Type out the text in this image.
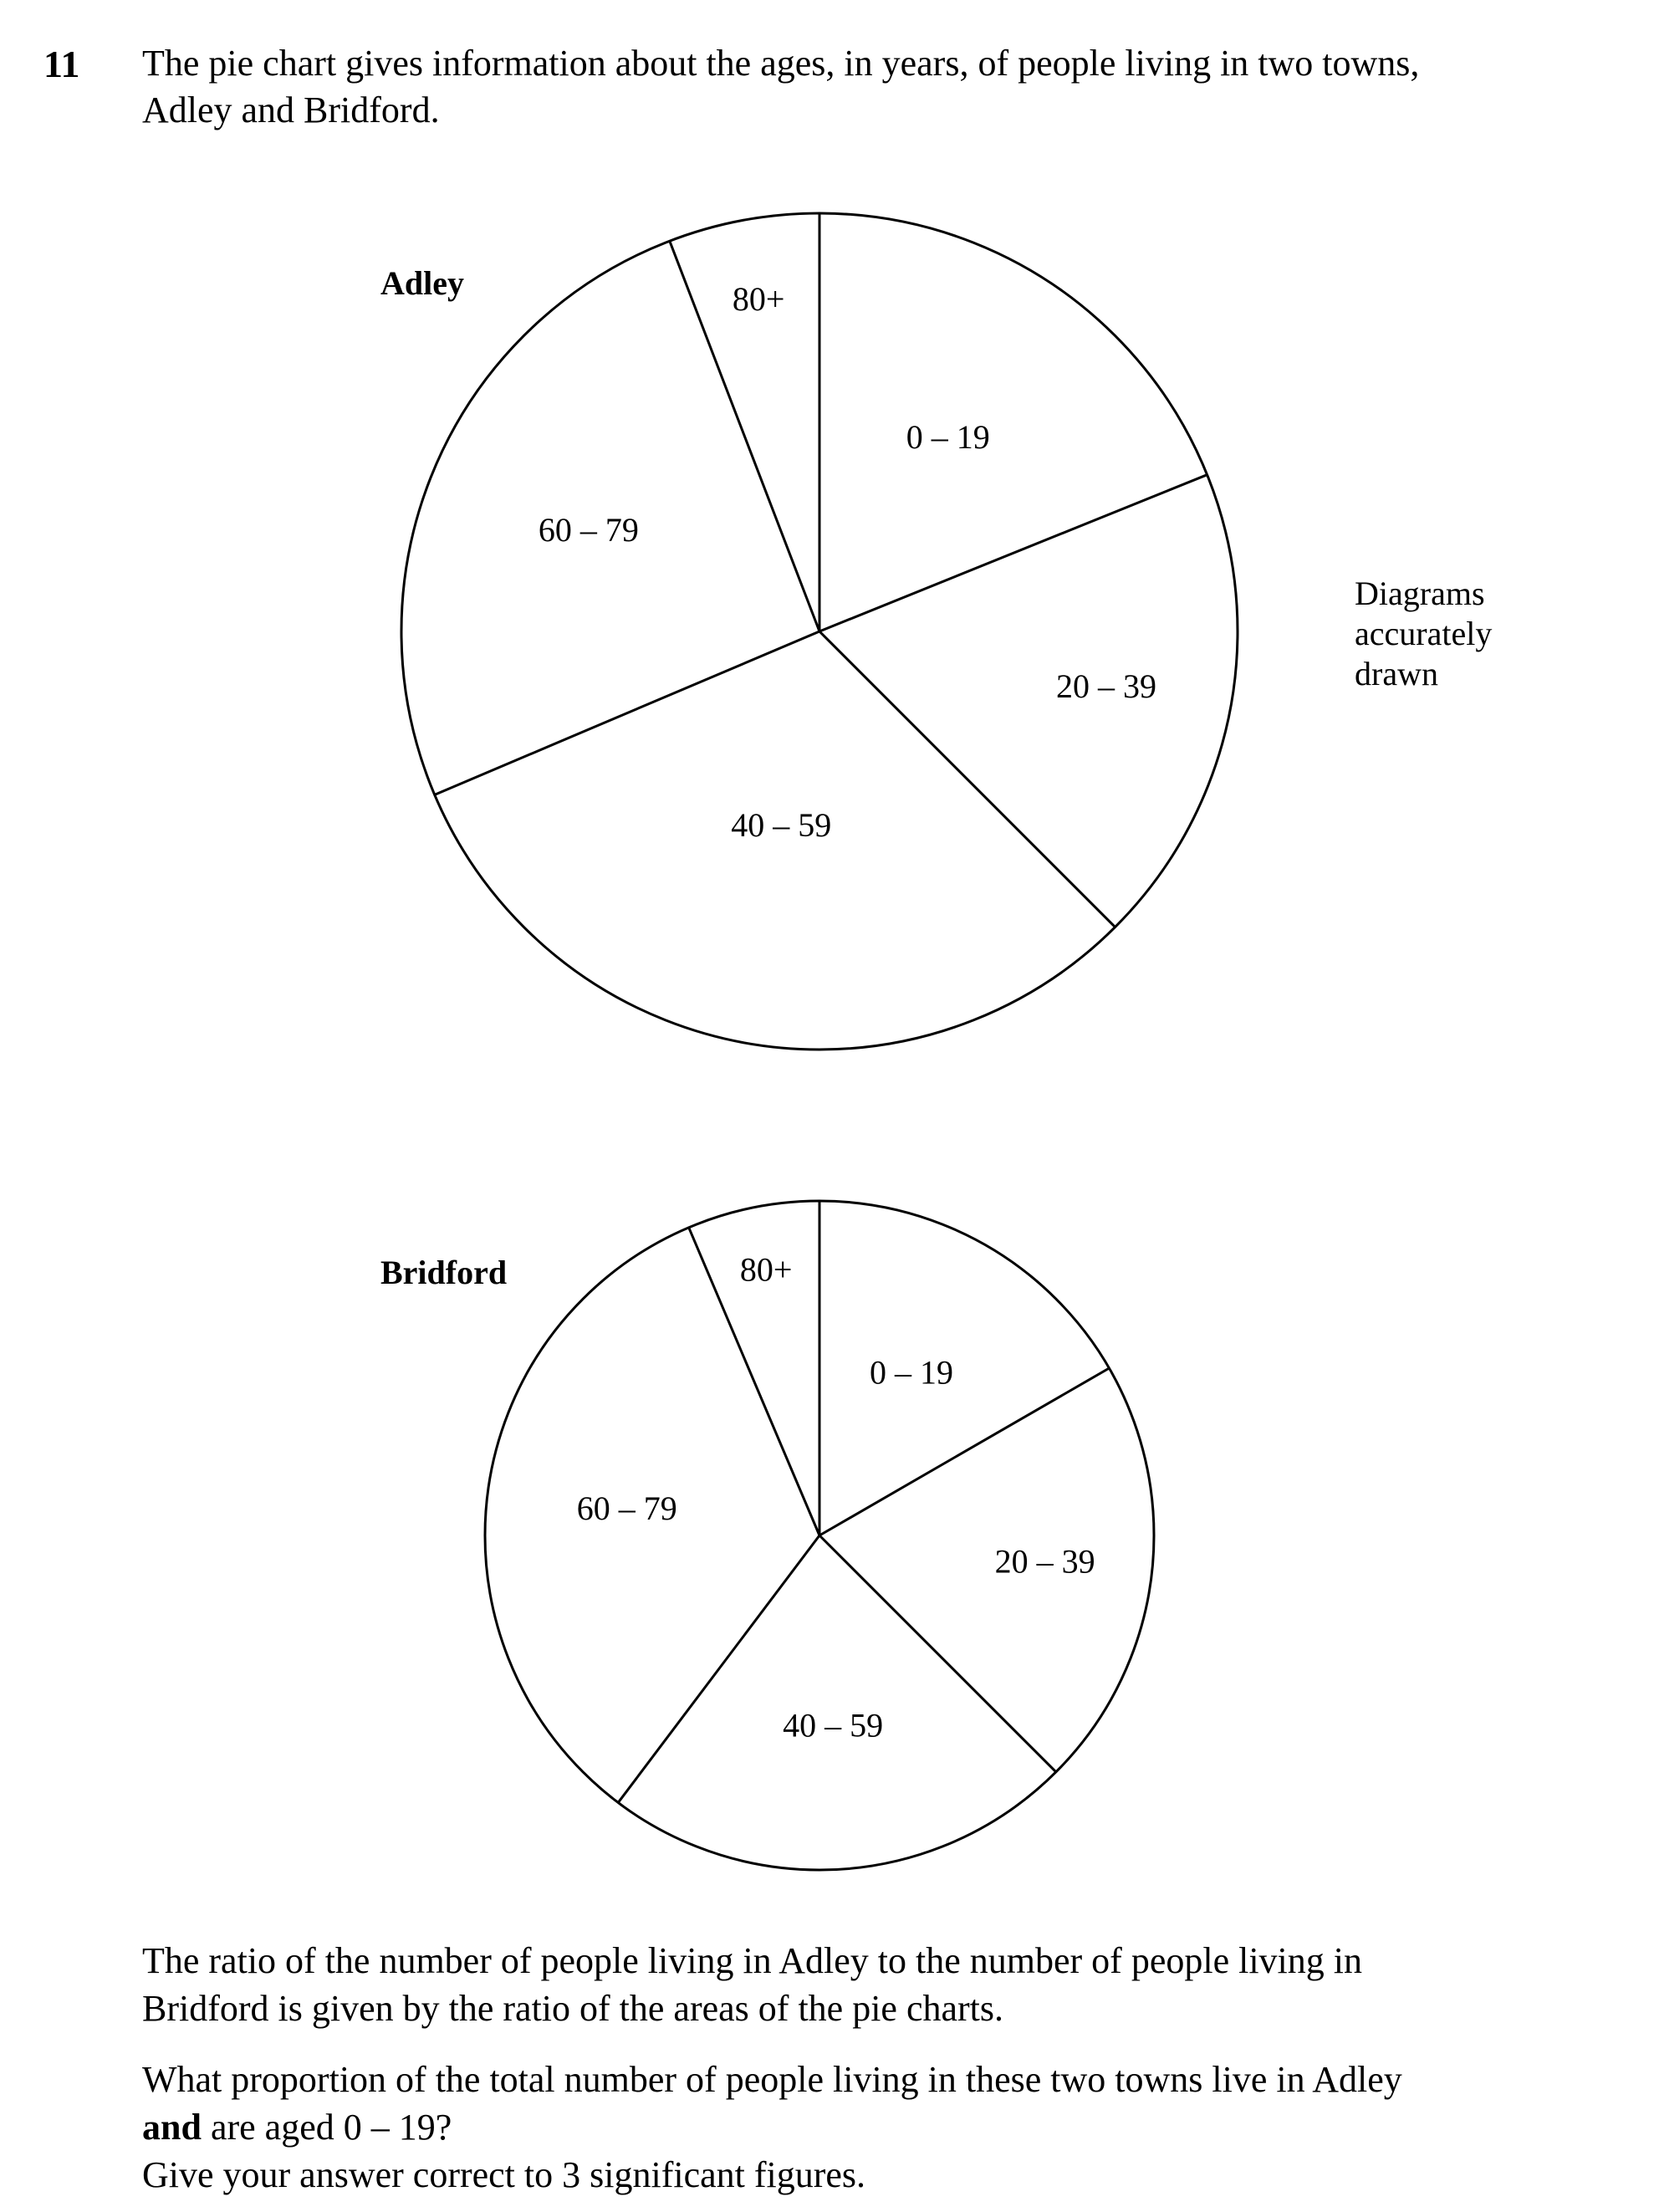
11 The pie chart gives information about the ages, in years, of people living in two towns,
Adley and Bridford.

0 – 19
20 – 39
40 – 59
60 – 79
80+
Adley
0 – 19
20 – 39
40 – 59
60 – 79
80+
Bridford
Diagrams
accurately
drawn

The ratio of the number of people living in Adley to the number of people living in
Bridford is given by the ratio of the areas of the pie charts.

What proportion of the total number of people living in these two towns live in Adley
and are aged 0 – 19?

Give your answer correct to 3 significant figures.
